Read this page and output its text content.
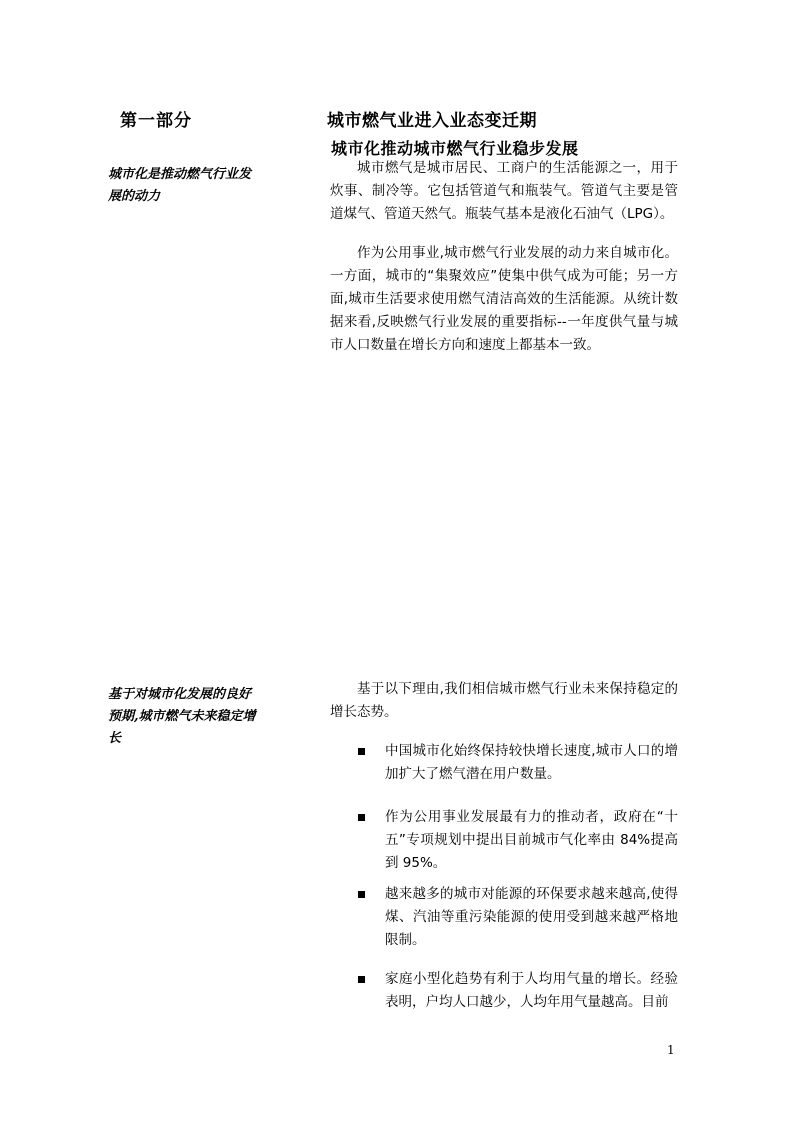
第一部分	城市燃气业进入业态变迁期
城市化推动城市燃气行业稳步发展
城市化是推动燃气行业发展的动力
基于对城市化发展的良好预期,城市燃气未来稳定增长

城市燃气是城市居民、工商户的生活能源之一，用于炊事、制冷等。它包括管道气和瓶装气。管道气主要是管道煤气、管道天然气。瓶装气基本是液化石油气（LPG）。

作为公用事业,城市燃气行业发展的动力来自城市化。一方面，城市的“集聚效应”使集中供气成为可能；另一方面,城市生活要求使用燃气清洁高效的生活能源。从统计数据来看,反映燃气行业发展的重要指标--一年度供气量与城市人口数量在增长方向和速度上都基本一致。

基于以下理由,我们相信城市燃气行业未来保持稳定的增长态势。

中国城市化始终保持较快增长速度,城市人口的增加扩大了燃气潜在用户数量。
作为公用事业发展最有力的推动者，政府在“十五”专项规划中提出目前城市气化率由 84%提高到 95%。
越来越多的城市对能源的环保要求越来越高,使得煤、汽油等重污染能源的使用受到越来越严格地限制。
家庭小型化趋势有利于人均用气量的增长。经验表明，户均人口越少，人均年用气量越高。目前
1
